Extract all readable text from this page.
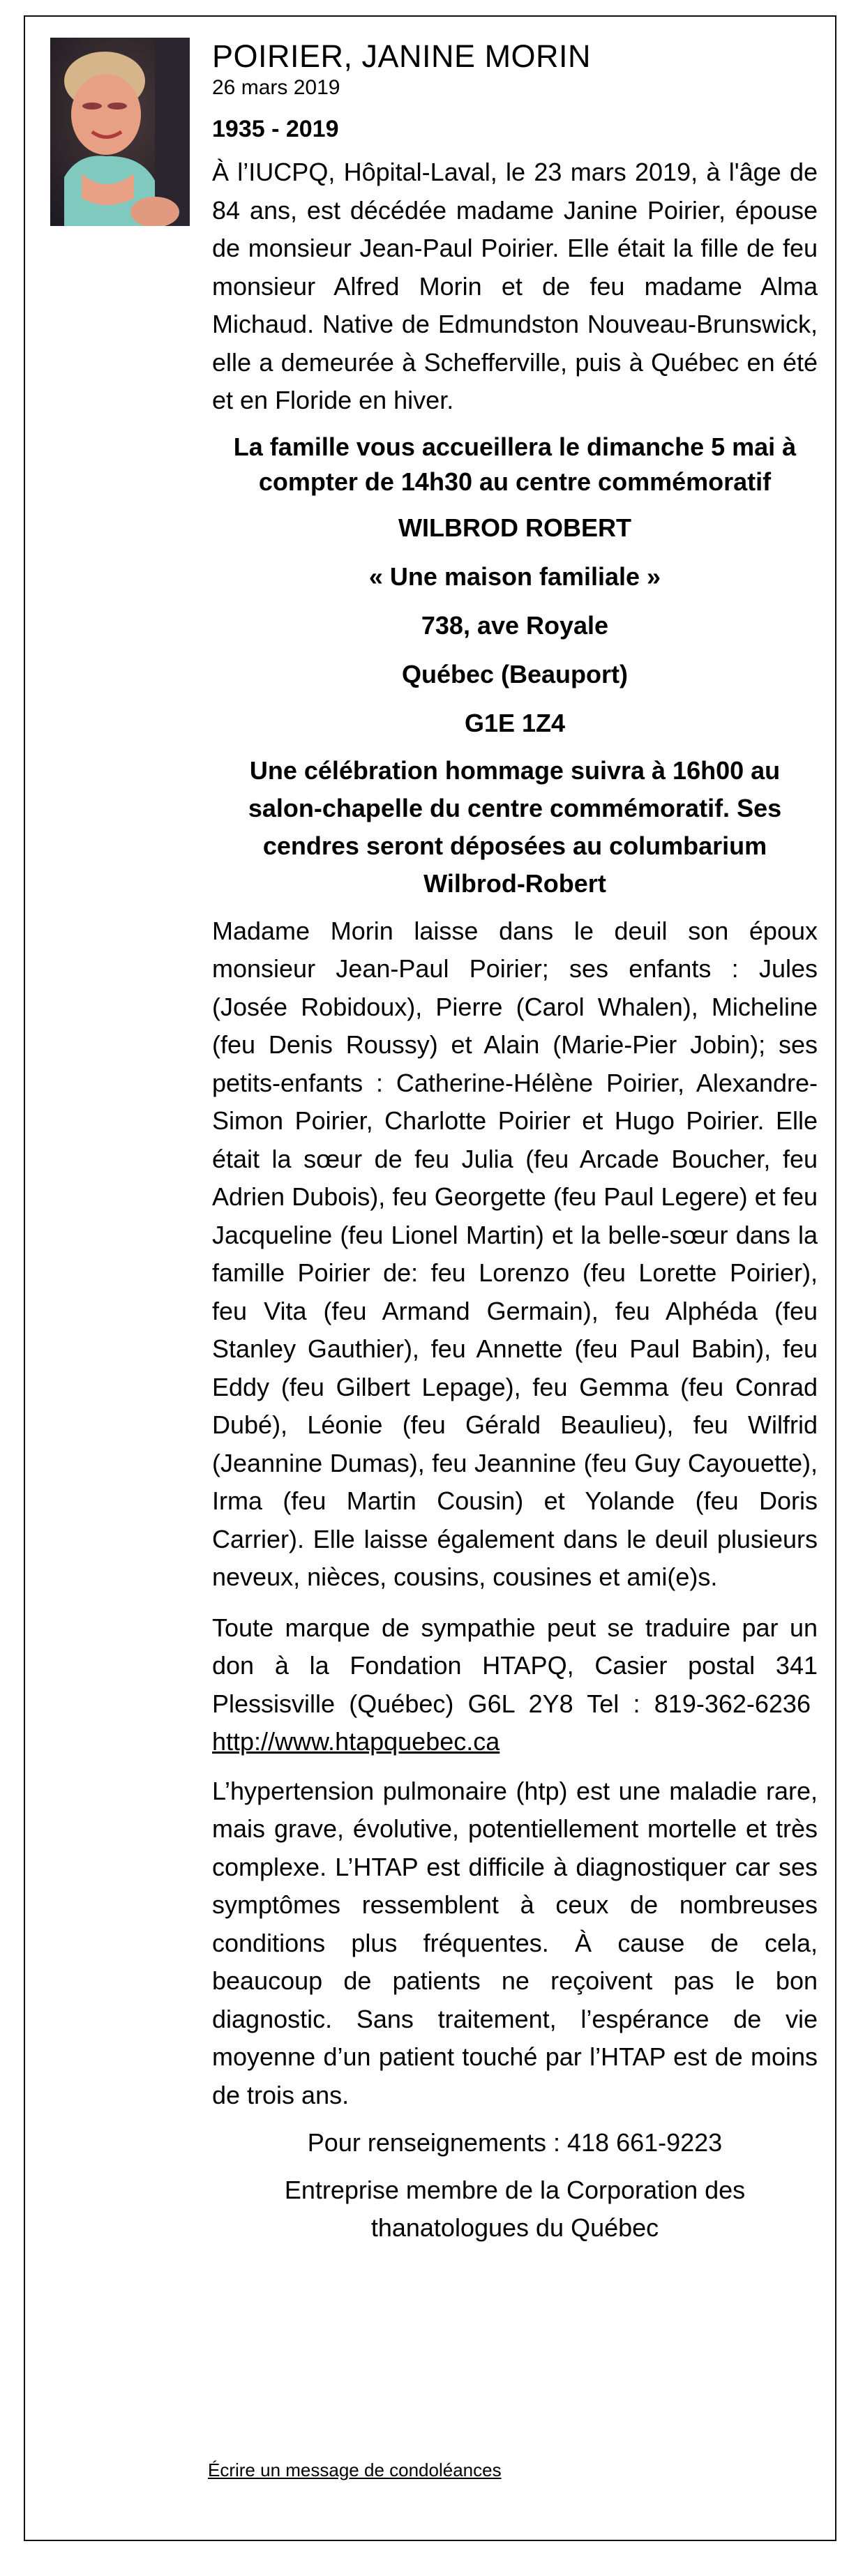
POIRIER, JANINE MORIN

26 mars 2019

1935 - 2019

À l’IUCPQ, Hôpital-Laval, le 23 mars 2019, à l'âge de 84 ans, est décédée madame Janine Poirier, épouse de monsieur Jean-Paul Poirier. Elle était la fille de feu monsieur Alfred Morin et de feu madame Alma Michaud. Native de Edmundston Nouveau-Brunswick, elle a demeurée à Schefferville, puis à Québec en été et en Floride en hiver.

La famille vous accueillera le dimanche 5 mai à compter de 14h30 au centre commémoratif

WILBROD ROBERT

« Une maison familiale »

738, ave Royale

Québec (Beauport)

G1E 1Z4

Une célébration hommage suivra à 16h00 au salon-chapelle du centre commémoratif. Ses cendres seront déposées au columbarium Wilbrod-Robert

Madame Morin laisse dans le deuil son époux monsieur Jean-Paul Poirier; ses enfants : Jules (Josée Robidoux), Pierre (Carol Whalen), Micheline (feu Denis Roussy) et Alain (Marie-Pier Jobin); ses petits-enfants : Catherine-Hélène Poirier, Alexandre-Simon Poirier, Charlotte Poirier et Hugo Poirier. Elle était la sœur de feu Julia (feu Arcade Boucher, feu Adrien Dubois), feu Georgette (feu Paul Legere) et feu Jacqueline (feu Lionel Martin) et la belle-sœur dans la famille Poirier de: feu Lorenzo (feu Lorette Poirier), feu Vita (feu Armand Germain), feu Alphéda (feu Stanley Gauthier), feu Annette (feu Paul Babin), feu Eddy (feu Gilbert Lepage), feu Gemma (feu Conrad Dubé), Léonie (feu Gérald Beaulieu), feu Wilfrid (Jeannine Dumas), feu Jeannine (feu Guy Cayouette), Irma (feu Martin Cousin) et Yolande (feu Doris Carrier). Elle laisse également dans le deuil plusieurs neveux, nièces, cousins, cousines et ami(e)s.

Toute marque de sympathie peut se traduire par un don à la Fondation HTAPQ, Casier postal 341 Plessisville (Québec) G6L 2Y8 Tel : 819-362-6236  http://www.htapquebec.ca

L’hypertension pulmonaire (htp) est une maladie rare, mais grave, évolutive, potentiellement mortelle et très complexe. L’HTAP est difficile à diagnostiquer car ses symptômes ressemblent à ceux de nombreuses conditions plus fréquentes. À cause de cela, beaucoup de patients ne reçoivent pas le bon diagnostic. Sans traitement, l’espérance de vie moyenne d’un patient touché par l’HTAP est de moins de trois ans.

Pour renseignements : 418 661-9223

Entreprise membre de la Corporation des thanatologues du Québec

Écrire un message de condoléances
